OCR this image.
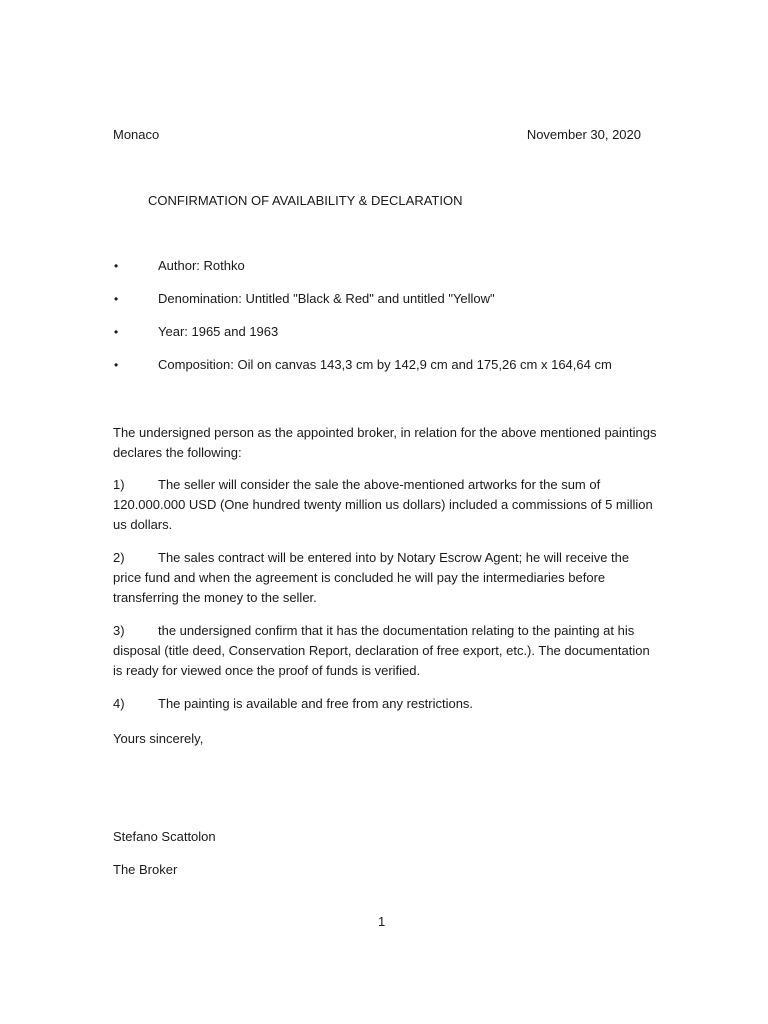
Monaco	November 30, 2020
CONFIRMATION OF AVAILABILITY & DECLARATION
•	Author: Rothko
•	Denomination: Untitled "Black & Red" and untitled "Yellow"
•	Year: 1965 and 1963
•	Composition: Oil on canvas 143,3 cm by 142,9 cm and 175,26 cm x 164,64 cm

The undersigned person as the appointed broker, in relation for the above mentioned paintings declares the following:

1)	The seller will consider the sale the above-mentioned artworks for the sum of 120.000.000 USD (One hundred twenty million us dollars) included a commissions of 5 million us dollars.
2)	The sales contract will be entered into by Notary Escrow Agent; he will receive the price fund and when the agreement is concluded he will pay the intermediaries before transferring the money to the seller.
3)	the undersigned confirm that it has the documentation relating to the painting at his disposal (title deed, Conservation Report, declaration of free export, etc.). The documentation is ready for viewed once the proof of funds is verified.
4)	The painting is available and free from any restrictions.
Yours sincerely,
Stefano Scattolon
The Broker
1
